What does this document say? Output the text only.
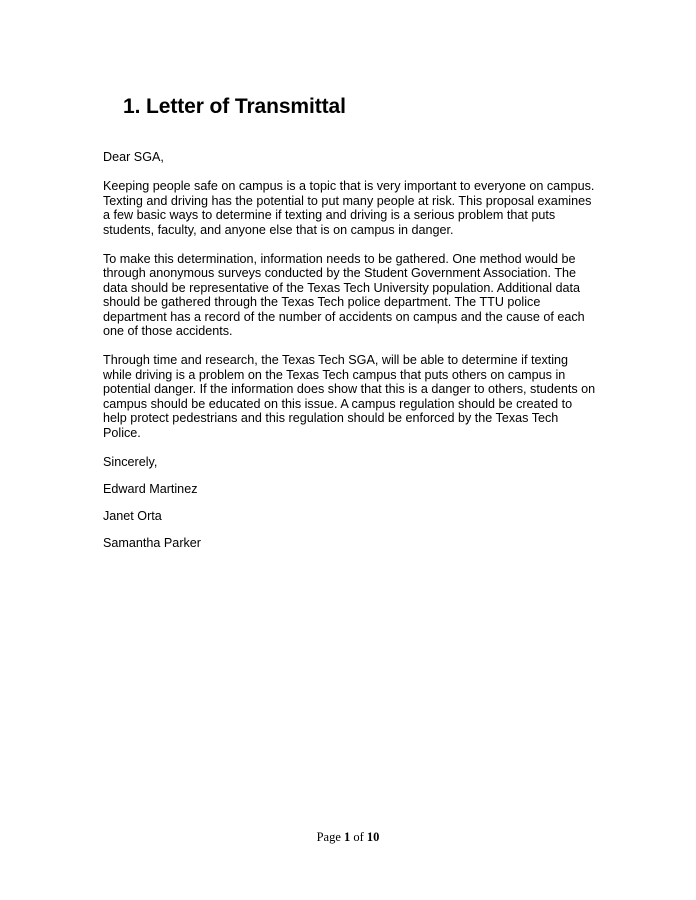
1. Letter of Transmittal

Dear SGA,

Keeping people safe on campus is a topic that is very important to everyone on campus.
Texting and driving has the potential to put many people at risk. This proposal examines
a few basic ways to determine if texting and driving is a serious problem that puts
students, faculty, and anyone else that is on campus in danger.

To make this determination, information needs to be gathered. One method would be
through anonymous surveys conducted by the Student Government Association. The
data should be representative of the Texas Tech University population. Additional data
should be gathered through the Texas Tech police department. The TTU police
department has a record of the number of accidents on campus and the cause of each
one of those accidents.

Through time and research, the Texas Tech SGA, will be able to determine if texting
while driving is a problem on the Texas Tech campus that puts others on campus in
potential danger. If the information does show that this is a danger to others, students on
campus should be educated on this issue. A campus regulation should be created to
help protect pedestrians and this regulation should be enforced by the Texas Tech
Police.

Sincerely,

Edward Martinez

Janet Orta

Samantha Parker

Page 1 of 10
